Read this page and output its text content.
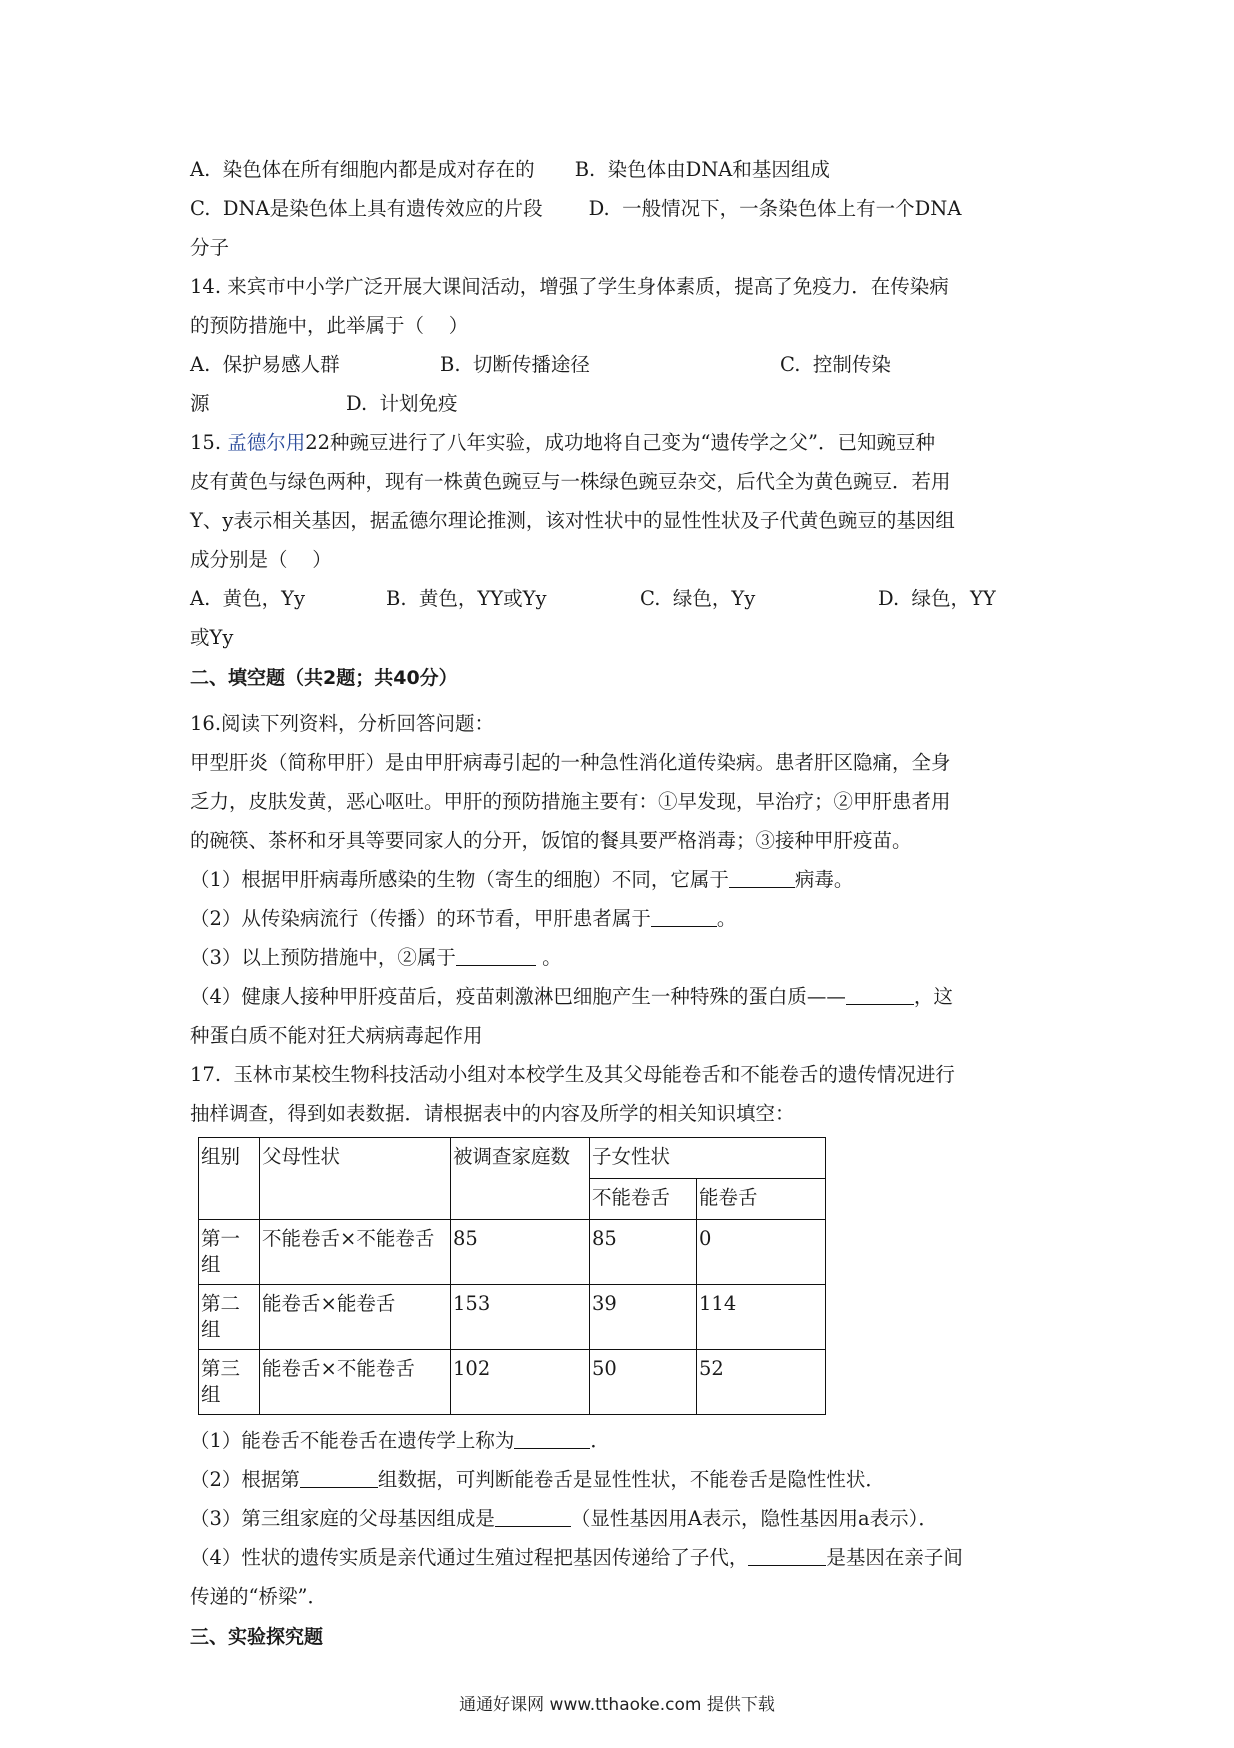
A.  染色体在所有细胞内都是成对存在的 B.  染色体由DNA和基因组成
C.  DNA是染色体上具有遗传效应的片段 D.  一般情况下，一条染色体上有一个DNA
分子
14. 来宾市中小学广泛开展大课间活动，增强了学生身体素质，提高了免疫力．在传染病
的预防措施中，此举属于（    ）
A.  保护易感人群	B.  切断传播途径	C.  控制传染
源	D.  计划免疫
15. 孟德尔用22种豌豆进行了八年实验，成功地将自己变为“遗传学之父”．已知豌豆种
皮有黄色与绿色两种，现有一株黄色豌豆与一株绿色豌豆杂交，后代全为黄色豌豆．若用
Y、y表示相关基因，据孟德尔理论推测，该对性状中的显性性状及子代黄色豌豆的基因组
成分别是（    ）
A.  黄色，Yy	B.  黄色，YY或Yy	C.  绿色，Yy	D.  绿色，YY
或Yy
二、填空题（共2题；共40分）
16.阅读下列资料，分析回答问题：
甲型肝炎（简称甲肝）是由甲肝病毒引起的一种急性消化道传染病。患者肝区隐痛，全身
乏力，皮肤发黄，恶心呕吐。甲肝的预防措施主要有：①早发现，早治疗；②甲肝患者用
的碗筷、茶杯和牙具等要同家人的分开，饭馆的餐具要严格消毒；③接种甲肝疫苗。
（1）根据甲肝病毒所感染的生物（寄生的细胞）不同，它属于	病毒。
（2）从传染病流行（传播）的环节看，甲肝患者属于	。
（3）以上预防措施中，②属于	。
（4）健康人接种甲肝疫苗后，疫苗刺激淋巴细胞产生一种特殊的蛋白质——	，这
种蛋白质不能对狂犬病病毒起作用
17.  玉林市某校生物科技活动小组对本校学生及其父母能卷舌和不能卷舌的遗传情况进行
抽样调查，得到如表数据．请根据表中的内容及所学的相关知识填空：
组别	父母性状	被调查家庭数	子女性状	
			不能卷舌	能卷舌
第一组	不能卷舌×不能卷舌	85	85	0
第二组	能卷舌×能卷舌	153	39	114
第三组	能卷舌×不能卷舌	102	50	52
（1）能卷舌不能卷舌在遗传学上称为	．
（2）根据第	组数据，可判断能卷舌是显性性状，不能卷舌是隐性性状．
（3）第三组家庭的父母基因组成是	（显性基因用A表示，隐性基因用a表示）．
（4）性状的遗传实质是亲代通过生殖过程把基因传递给了子代，	是基因在亲子间
传递的“桥梁”．
三、实验探究题
通通好课网 www.tthaoke.com 提供下载
